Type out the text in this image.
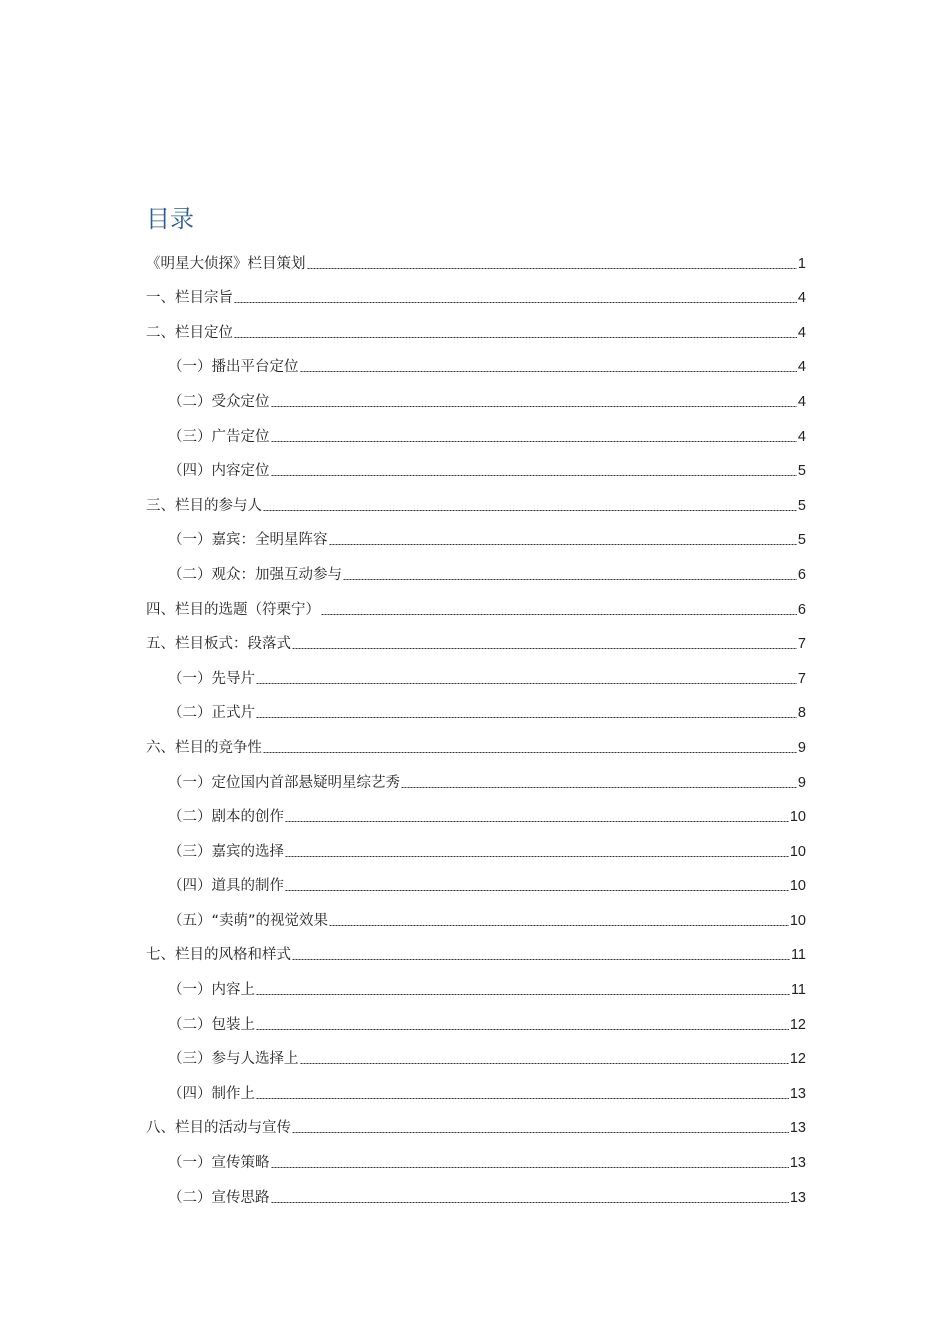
目录
《明星大侦探》栏目策划	1
一、栏目宗旨	4
二、栏目定位	4
（一）播出平台定位	4
（二）受众定位	4
（三）广告定位	4
（四）内容定位	5
三、栏目的参与人	5
（一）嘉宾：全明星阵容	5
（二）观众：加强互动参与	6
四、栏目的选题（符栗宁）	6
五、栏目板式：段落式	7
（一）先导片	7
（二）正式片	8
六、栏目的竞争性	9
（一）定位国内首部悬疑明星综艺秀	9
（二）剧本的创作	10
（三）嘉宾的选择	10
（四）道具的制作	10
（五）“卖萌”的视觉效果	10
七、栏目的风格和样式	11
（一）内容上	11
（二）包装上	12
（三）参与人选择上	12
（四）制作上	13
八、栏目的活动与宣传	13
（一）宣传策略	13
（二）宣传思路	13
